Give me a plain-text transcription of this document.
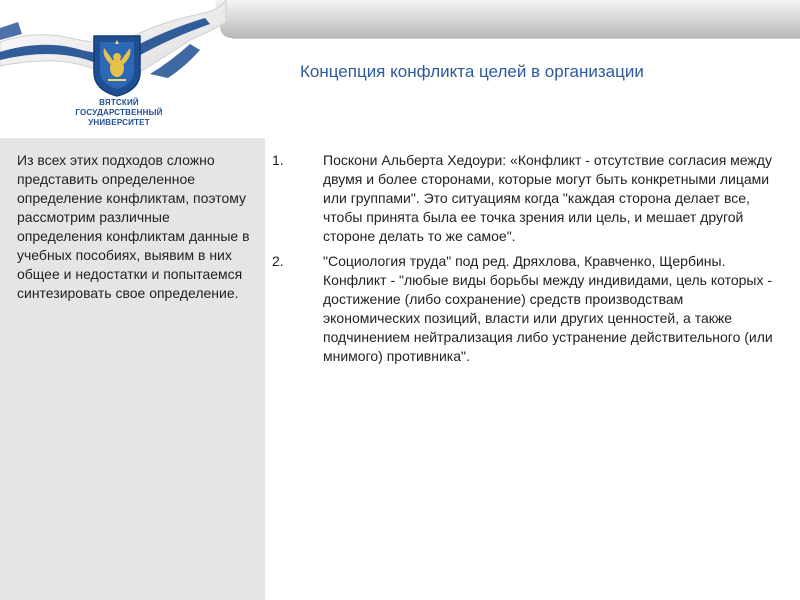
ВЯТСКИЙ
ГОСУДАРСТВЕННЫЙ
УНИВЕРСИТЕТ
Концепция конфликта целей в организации
Из всех этих подходов сложно представить определенное определение конфликтам, поэтому рассмотрим различные определения конфликтам данные в учебных пособиях, выявим в них общее и недостатки и попытаемся синтезировать свое определение.
1.	Поскони Альберта Хедоури: «Конфликт - отсутствие согласия между двумя и более сторонами, которые могут быть конкретными лицами или группами". Это ситуациям когда "каждая сторона делает все, чтобы принята была ее точка зрения или цель, и мешает другой стороне делать то же самое".
2.	"Социология труда" под ред. Дряхлова, Кравченко, Щербины. Конфликт - "любые виды борьбы между индивидами, цель которых - достижение (либо сохранение) средств производствам экономических позиций, власти или других ценностей, а также подчинением нейтрализация либо устранение действительного (или мнимого) противника".
